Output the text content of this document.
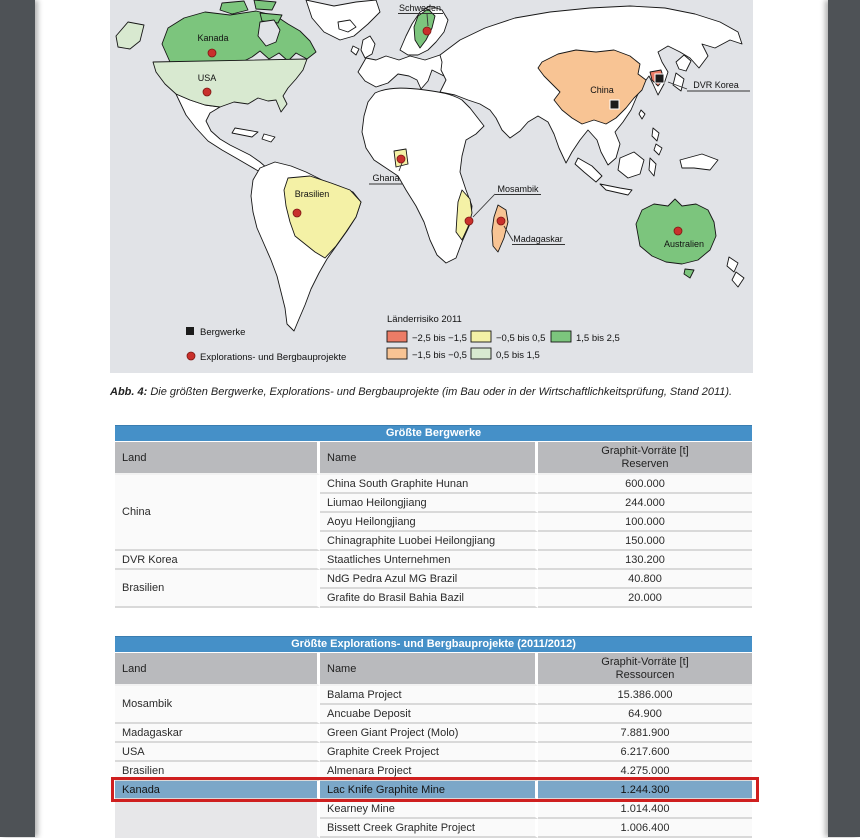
Kanada
USA
Brasilien
Schweden
Ghana
China	DVR Korea
Mosambik
Madagaskar	Australien
Bergwerke
Explorations- und Bergbauprojekte
Länderrisiko 2011
−2,5 bis −1,5	−0,5 bis 0,5	1,5 bis 2,5
−1,5 bis −0,5	0,5 bis 1,5
Abb. 4: Die größten Bergwerke, Explorations- und Bergbauprojekte (im Bau oder in der Wirtschaftlichkeitsprüfung, Stand 2011).
Größte Bergwerke
Land	Name	Graphit-Vorräte [t]
Reserven
China	China South Graphite Hunan	600.000
	Liumao Heilongjiang	244.000
	Aoyu Heilongjiang	100.000
	Chinagraphite Luobei Heilongjiang	150.000
DVR Korea	Staatliches Unternehmen	130.200
Brasilien	NdG Pedra Azul MG Brazil	40.800
	Grafite do Brasil Bahia Bazil	20.000
Größte Explorations- und Bergbauprojekte (2011/2012)
Land	Name	Graphit-Vorräte [t]
Ressourcen
Mosambik	Balama Project	15.386.000
	Ancuabe Deposit	64.900
Madagaskar	Green Giant Project (Molo)	7.881.900
USA	Graphite Creek Project	6.217.600
Brasilien	Almenara Project	4.275.000
Kanada	Lac Knife Graphite Mine	1.244.300
	Kearney Mine	1.014.400
	Bissett Creek Graphite Project	1.006.400
